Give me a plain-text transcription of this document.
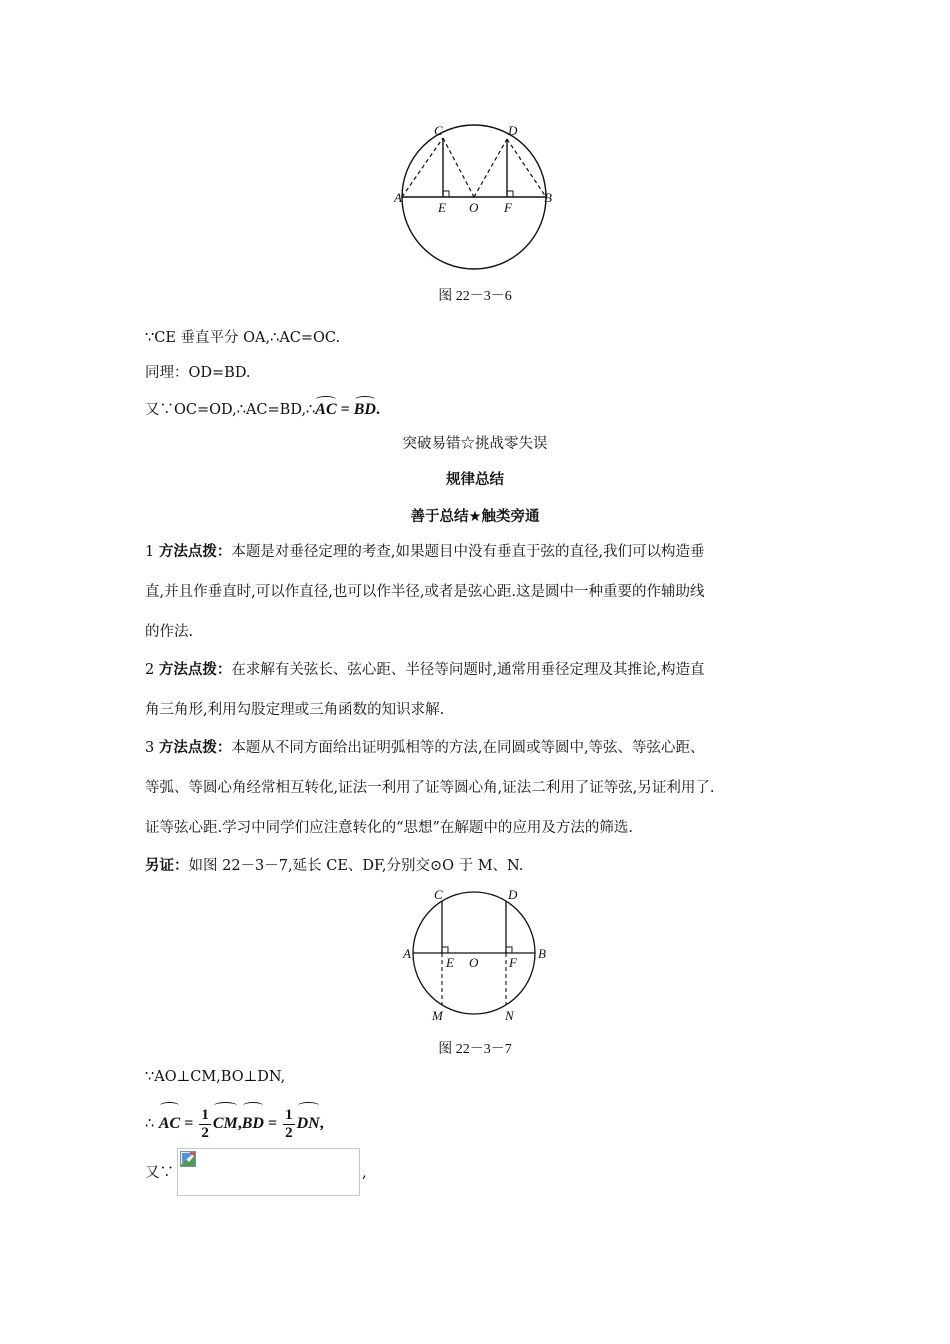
C	D
A
E O F
B
图 22－3－6
∵CE 垂直平分 OA,∴AC=OC.
同理：OD=BD.
又∵OC=OD,∴AC=BD,∴AC = BD.
突破易错☆挑战零失误
规律总结
善于总结★触类旁通
1 方法点拨：本题是对垂径定理的考查,如果题目中没有垂直于弦的直径,我们可以构造垂
直,并且作垂直时,可以作直径,也可以作半径,或者是弦心距.这是圆中一种重要的作辅助线
的作法.
2 方法点拨：在求解有关弦长、弦心距、半径等问题时,通常用垂径定理及其推论,构造直
角三角形,利用勾股定理或三角函数的知识求解.
3 方法点拨：本题从不同方面给出证明弧相等的方法,在同圆或等圆中,等弦、等弦心距、
等弧、等圆心角经常相互转化,证法一利用了证等圆心角,证法二利用了证等弦,另证利用了.
证等弦心距.学习中同学们应注意转化的“思想”在解题中的应用及方法的筛选.
另证：如图 22－3－7,延长 CE、DF,分别交⊙O 于 M、N.
C	D
A
E O F
B
M	N
图 22－3－7
∵AO⊥CM,BO⊥DN,
∴ AC = $\frac{1}{2} CM,BD = \frac{1}{2}$ DN,
又∵	,
